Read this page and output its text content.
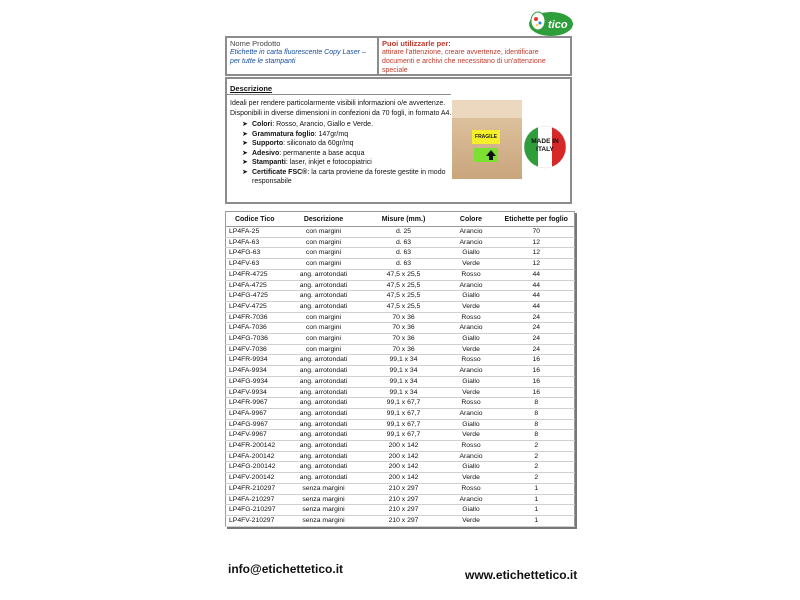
tico
Nome Prodotto
Etichette in carta fluorescente Copy Laser – per tutte le stampanti
Puoi utilizzarle per:
attirare l'attenzione, creare avvertenze, identificare documenti e archivi che necessitano di un'attenzione speciale
Descrizione
Ideali per rendere particolarmente visibili informazioni o/e avvertenze.
Disponibili in diverse dimensioni in confezioni da 70 fogli, in formato A4.
➤ Colori: Rosso, Arancio, Giallo e Verde.
➤ Grammatura foglio: 147gr/mq
➤ Supporto: siliconato da 60gr/mq
➤ Adesivo: permanente a base acqua
➤ Stampanti: laser, inkjet e fotocopiatrici
➤ Certificate FSC®: la carta proviene da foreste gestite in modo responsabile
FRAGILE
MADE IN ITALY
Codice Tico	Descrizione	Misure (mm.)	Colore	Etichette per foglio
LP4FA-25	con margini	d. 25	Arancio	70
LP4FA-63	con margini	d. 63	Arancio	12
LP4FG-63	con margini	d. 63	Giallo	12
LP4FV-63	con margini	d. 63	Verde	12
LP4FR-4725	ang. arrotondati	47,5 x 25,5	Rosso	44
LP4FA-4725	ang. arrotondati	47,5 x 25,5	Arancio	44
LP4FG-4725	ang. arrotondati	47,5 x 25,5	Giallo	44
LP4FV-4725	ang. arrotondati	47,5 x 25,5	Verde	44
LP4FR-7036	con margini	70 x 36	Rosso	24
LP4FA-7036	con margini	70 x 36	Arancio	24
LP4FG-7036	con margini	70 x 36	Giallo	24
LP4FV-7036	con margini	70 x 36	Verde	24
LP4FR-9934	ang. arrotondati	99,1 x 34	Rosso	16
LP4FA-9934	ang. arrotondati	99,1 x 34	Arancio	16
LP4FG-9934	ang. arrotondati	99,1 x 34	Giallo	16
LP4FV-9934	ang. arrotondati	99,1 x 34	Verde	16
LP4FR-9967	ang. arrotondati	99,1 x 67,7	Rosso	8
LP4FA-9967	ang. arrotondati	99,1 x 67,7	Arancio	8
LP4FG-9967	ang. arrotondati	99,1 x 67,7	Giallo	8
LP4FV-9967	ang. arrotondati	99,1 x 67,7	Verde	8
LP4FR-200142	ang. arrotondati	200 x 142	Rosso	2
LP4FA-200142	ang. arrotondati	200 x 142	Arancio	2
LP4FG-200142	ang. arrotondati	200 x 142	Giallo	2
LP4FV-200142	ang. arrotondati	200 x 142	Verde	2
LP4FR-210297	senza margini	210 x 297	Rosso	1
LP4FA-210297	senza margini	210 x 297	Arancio	1
LP4FG-210297	senza margini	210 x 297	Giallo	1
LP4FV-210297	senza margini	210 x 297	Verde	1
info@etichettetico.it	www.etichettetico.it
